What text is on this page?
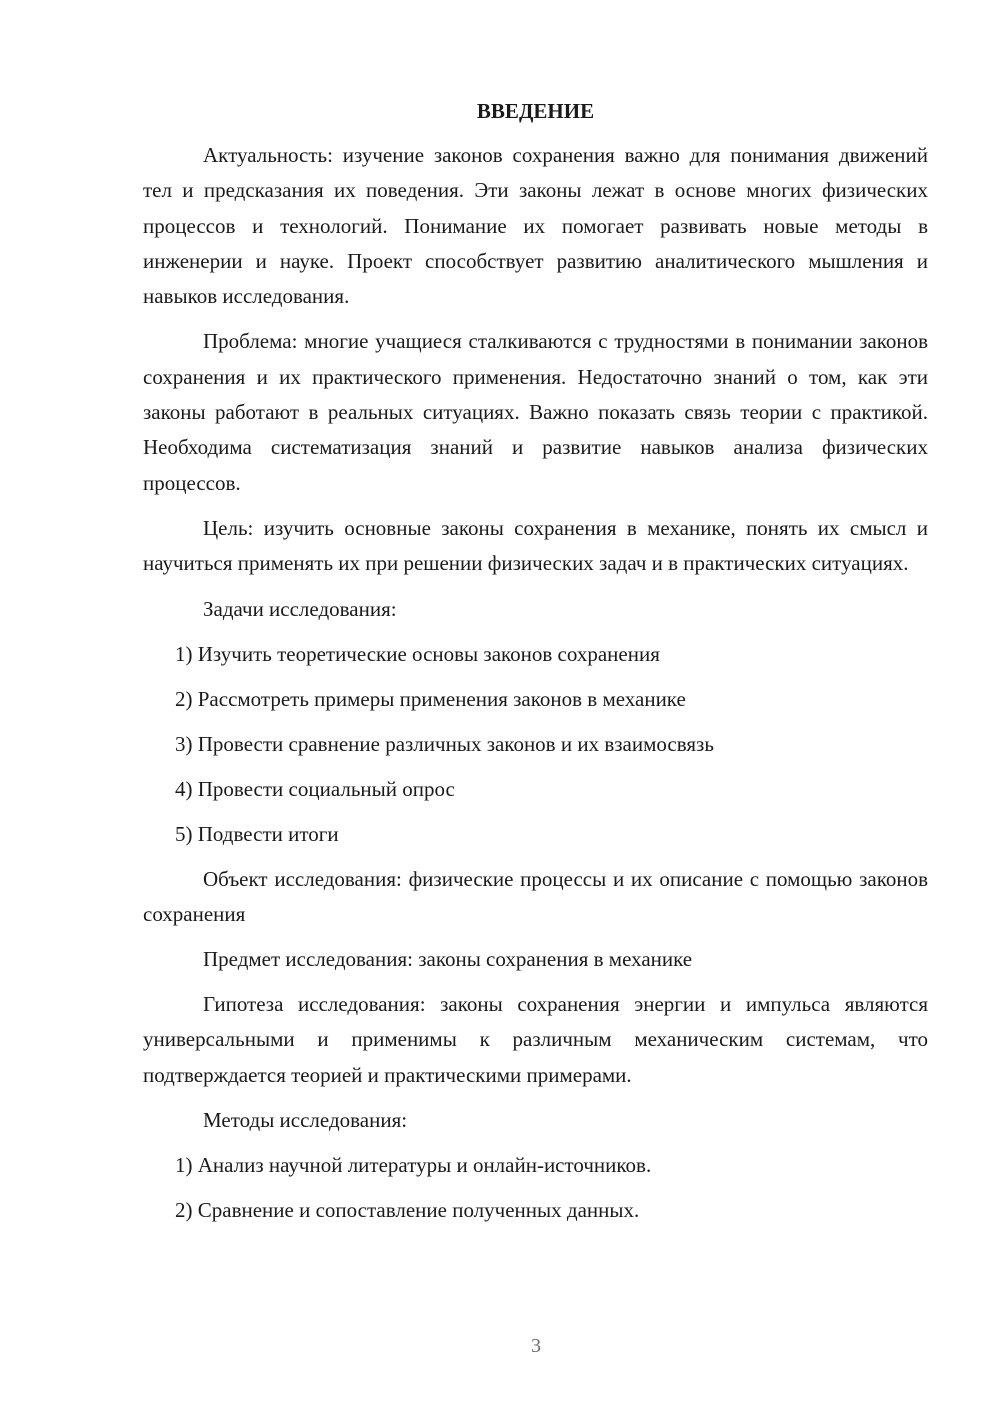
ВВЕДЕНИЕ

Актуальность: изучение законов сохранения важно для понимания движений тел и предсказания их поведения. Эти законы лежат в основе многих физических процессов и технологий. Понимание их помогает развивать новые методы в инженерии и науке. Проект способствует развитию аналитического мышления и навыков исследования.

Проблема: многие учащиеся сталкиваются с трудностями в понимании законов сохранения и их практического применения. Недостаточно знаний о том, как эти законы работают в реальных ситуациях. Важно показать связь теории с практикой. Необходима систематизация знаний и развитие навыков анализа физических процессов.

Цель: изучить основные законы сохранения в механике, понять их смысл и научиться применять их при решении физических задач и в практических ситуациях.

Задачи исследования:

1) Изучить теоретические основы законов сохранения
2) Рассмотреть примеры применения законов в механике
3) Провести сравнение различных законов и их взаимосвязь
4) Провести социальный опрос
5) Подвести итоги

Объект исследования: физические процессы и их описание с помощью законов сохранения

Предмет исследования: законы сохранения в механике

Гипотеза исследования: законы сохранения энергии и импульса являются универсальными и применимы к различным механическим системам, что подтверждается теорией и практическими примерами.

Методы исследования:

1) Анализ научной литературы и онлайн-источников.
2) Сравнение и сопоставление полученных данных.
3
